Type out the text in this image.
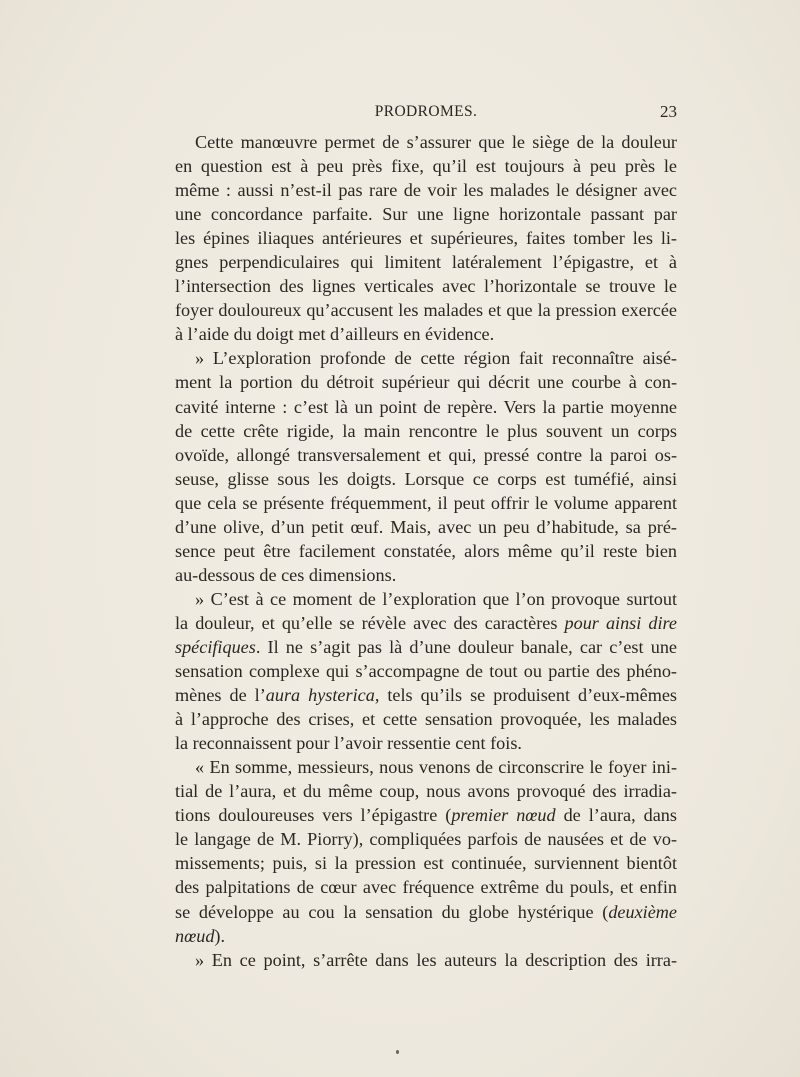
PRODROMES.	23
Cette manœuvre permet de s’assurer que le siège de la douleur
en question est à peu près fixe, qu’il est toujours à peu près le
même : aussi n’est-il pas rare de voir les malades le désigner avec
une concordance parfaite. Sur une ligne horizontale passant par
les épines iliaques antérieures et supérieures, faites tomber les li-
gnes perpendiculaires qui limitent latéralement l’épigastre, et à
l’intersection des lignes verticales avec l’horizontale se trouve le
foyer douloureux qu’accusent les malades et que la pression exercée
à l’aide du doigt met d’ailleurs en évidence.
» L’exploration profonde de cette région fait reconnaître aisé-
ment la portion du détroit supérieur qui décrit une courbe à con-
cavité interne : c’est là un point de repère. Vers la partie moyenne
de cette crête rigide, la main rencontre le plus souvent un corps
ovoïde, allongé transversalement et qui, pressé contre la paroi os-
seuse, glisse sous les doigts. Lorsque ce corps est tuméfié, ainsi
que cela se présente fréquemment, il peut offrir le volume apparent
d’une olive, d’un petit œuf. Mais, avec un peu d’habitude, sa pré-
sence peut être facilement constatée, alors même qu’il reste bien
au-dessous de ces dimensions.
» C’est à ce moment de l’exploration que l’on provoque surtout
la douleur, et qu’elle se révèle avec des caractères pour ainsi dire
spécifiques. Il ne s’agit pas là d’une douleur banale, car c’est une
sensation complexe qui s’accompagne de tout ou partie des phéno-
mènes de l’aura hysterica, tels qu’ils se produisent d’eux-mêmes
à l’approche des crises, et cette sensation provoquée, les malades
la reconnaissent pour l’avoir ressentie cent fois.
« En somme, messieurs, nous venons de circonscrire le foyer ini-
tial de l’aura, et du même coup, nous avons provoqué des irradia-
tions douloureuses vers l’épigastre (premier nœud de l’aura, dans
le langage de M. Piorry), compliquées parfois de nausées et de vo-
missements; puis, si la pression est continuée, surviennent bientôt
des palpitations de cœur avec fréquence extrême du pouls, et enfin
se développe au cou la sensation du globe hystérique (deuxième
nœud).
» En ce point, s’arrête dans les auteurs la description des irra-
